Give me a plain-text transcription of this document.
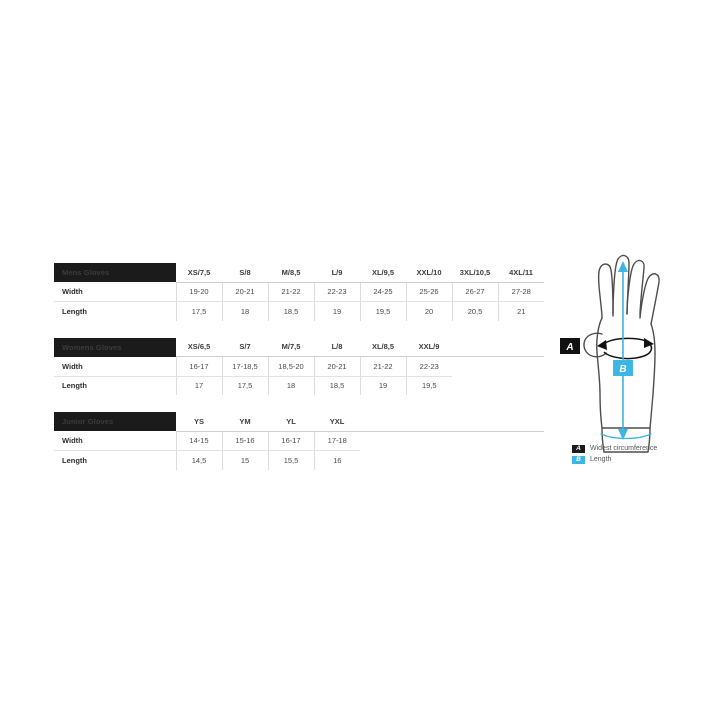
Mens Gloves	XS/7,5	S/8	M/8,5	L/9	XL/9,5	XXL/10	3XL/10,5	4XL/11
Width	19-20	20-21	21-22	22-23	24-25	25-26	26-27	27-28
Length	17,5	18	18,5	19	19,5	20	20,5	21
Womens Gloves	XS/6,5	S/7	M/7,5	L/8	XL/8,5	XXL/9		
Width	16-17	17-18,5	18,5-20	20-21	21-22	22-23		
Length	17	17,5	18	18,5	19	19,5		
Junior Gloves	YS	YM	YL	YXL				
Width	14-15	15-16	16-17	17-18				
Length	14,5	15	15,5	16				
A
B
A	Widest circumference
B	Length
